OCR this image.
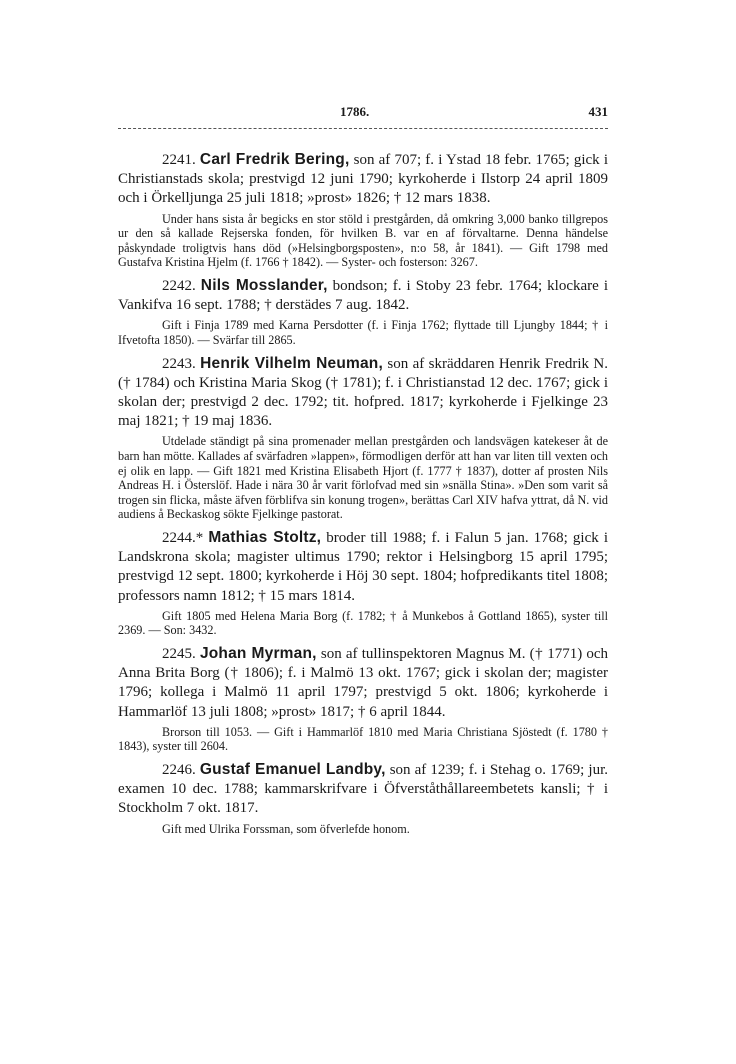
1786.	431

2241. Carl Fredrik Bering, son af 707; f. i Ystad 18 febr. 1765; gick i Christianstads skola; prestvigd 12 juni 1790; kyrkoherde i Ilstorp 24 april 1809 och i Örkelljunga 25 juli 1818; »prost» 1826; † 12 mars 1838.

Under hans sista år begicks en stor stöld i prestgården, då omkring 3,000 banko tillgrepos ur den så kallade Rejserska fonden, för hvilken B. var en af förvaltarne. Denna händelse påskyndade troligtvis hans död (»Helsingborgsposten», n:o 58, år 1841). — Gift 1798 med Gustafva Kristina Hjelm (f. 1766 † 1842). — Syster- och fosterson: 3267.

2242. Nils Mosslander, bondson; f. i Stoby 23 febr. 1764; klockare i Vankifva 16 sept. 1788; † derstädes 7 aug. 1842.

Gift i Finja 1789 med Karna Persdotter (f. i Finja 1762; flyttade till Ljungby 1844; † i Ifvetofta 1850). — Svärfar till 2865.

2243. Henrik Vilhelm Neuman, son af skräddaren Henrik Fredrik N. († 1784) och Kristina Maria Skog († 1781); f. i Christianstad 12 dec. 1767; gick i skolan der; prestvigd 2 dec. 1792; tit. hofpred. 1817; kyrkoherde i Fjelkinge 23 maj 1821; † 19 maj 1836.

Utdelade ständigt på sina promenader mellan prestgården och landsvägen katekeser åt de barn han mötte. Kallades af svärfadren »lappen», förmodligen derför att han var liten till vexten och ej olik en lapp. — Gift 1821 med Kristina Elisabeth Hjort (f. 1777 † 1837), dotter af prosten Nils Andreas H. i Österslöf. Hade i nära 30 år varit förlofvad med sin »snälla Stina». »Den som varit så trogen sin flicka, måste äfven förblifva sin konung trogen», berättas Carl XIV hafva yttrat, då N. vid audiens å Beckaskog sökte Fjelkinge pastorat.

2244.* Mathias Stoltz, broder till 1988; f. i Falun 5 jan. 1768; gick i Landskrona skola; magister ultimus 1790; rektor i Helsingborg 15 april 1795; prestvigd 12 sept. 1800; kyrkoherde i Höj 30 sept. 1804; hofpredikants titel 1808; professors namn 1812; † 15 mars 1814.

Gift 1805 med Helena Maria Borg (f. 1782; † å Munkebos å Gottland 1865), syster till 2369. — Son: 3432.

2245. Johan Myrman, son af tullinspektoren Magnus M. († 1771) och Anna Brita Borg († 1806); f. i Malmö 13 okt. 1767; gick i skolan der; magister 1796; kollega i Malmö 11 april 1797; prestvigd 5 okt. 1806; kyrkoherde i Hammarlöf 13 juli 1808; »prost» 1817; † 6 april 1844.

Brorson till 1053. — Gift i Hammarlöf 1810 med Maria Christiana Sjöstedt (f. 1780 † 1843), syster till 2604.

2246. Gustaf Emanuel Landby, son af 1239; f. i Stehag o. 1769; jur. examen 10 dec. 1788; kammarskrifvare i Öfverståthållareembetets kansli; † i Stockholm 7 okt. 1817.

Gift med Ulrika Forssman, som öfverlefde honom.
